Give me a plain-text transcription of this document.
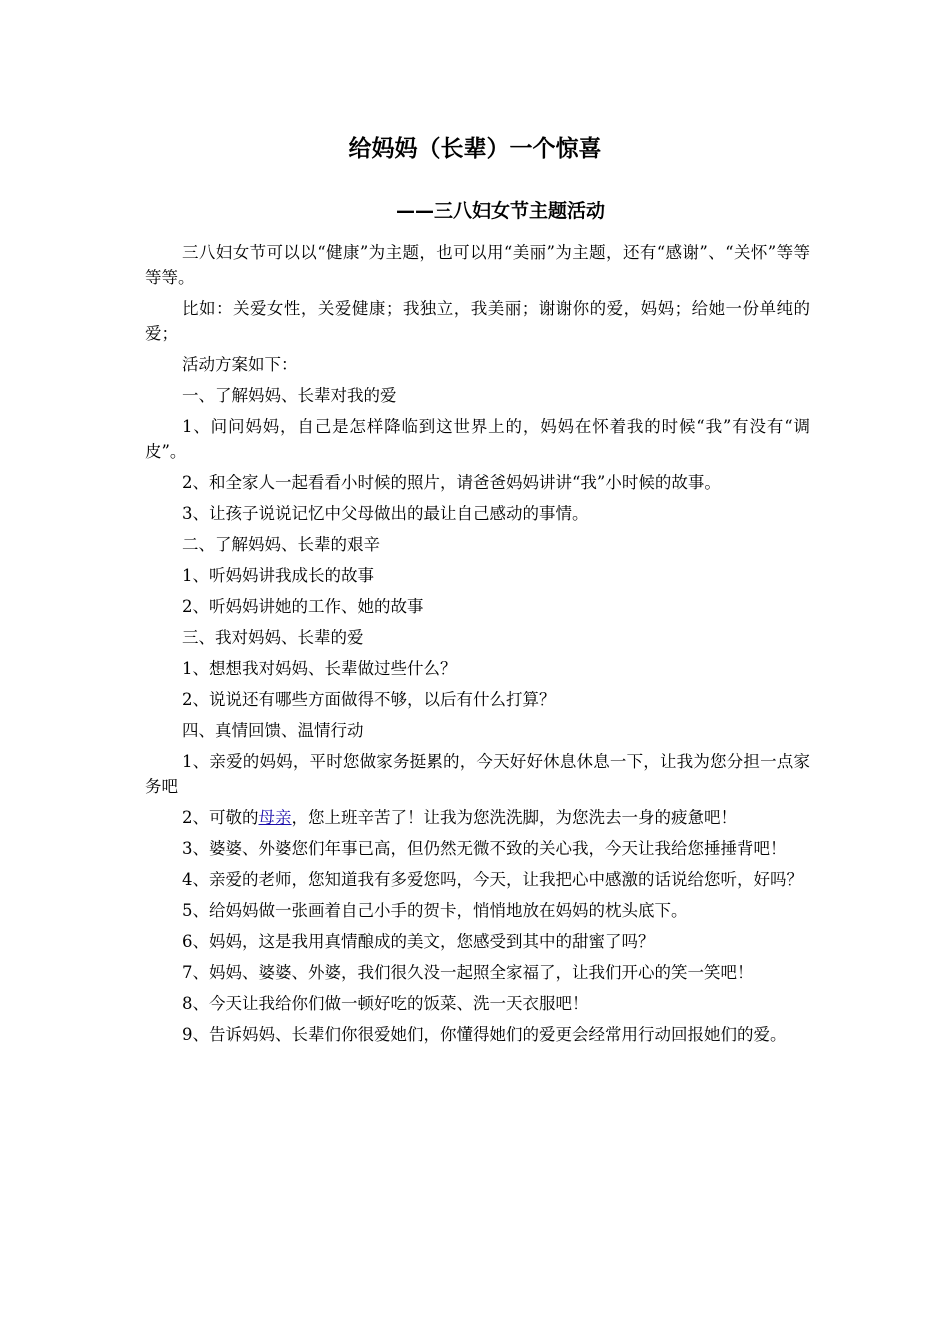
给妈妈（长辈）一个惊喜
——三八妇女节主题活动

三八妇女节可以以“健康”为主题，也可以用“美丽”为主题，还有“感谢”、“关怀”等等等等。

比如：关爱女性，关爱健康；我独立，我美丽；谢谢你的爱，妈妈；给她一份单纯的爱；

活动方案如下：

一、了解妈妈、长辈对我的爱

1、问问妈妈，自己是怎样降临到这世界上的，妈妈在怀着我的时候“我”有没有“调皮”。

2、和全家人一起看看小时候的照片，请爸爸妈妈讲讲“我”小时候的故事。

3、让孩子说说记忆中父母做出的最让自己感动的事情。

二、了解妈妈、长辈的艰辛

1、听妈妈讲我成长的故事

2、听妈妈讲她的工作、她的故事

三、我对妈妈、长辈的爱

1、想想我对妈妈、长辈做过些什么？

2、说说还有哪些方面做得不够，以后有什么打算？

四、真情回馈、温情行动

1、亲爱的妈妈，平时您做家务挺累的，今天好好休息休息一下，让我为您分担一点家务吧

2、可敬的母亲，您上班辛苦了！让我为您洗洗脚，为您洗去一身的疲惫吧！

3、婆婆、外婆您们年事已高，但仍然无微不致的关心我，今天让我给您捶捶背吧！

4、亲爱的老师，您知道我有多爱您吗，今天，让我把心中感激的话说给您听，好吗？

5、给妈妈做一张画着自己小手的贺卡，悄悄地放在妈妈的枕头底下。

6、妈妈，这是我用真情酿成的美文，您感受到其中的甜蜜了吗？

7、妈妈、婆婆、外婆，我们很久没一起照全家福了，让我们开心的笑一笑吧！

8、今天让我给你们做一顿好吃的饭菜、洗一天衣服吧！

9、告诉妈妈、长辈们你很爱她们，你懂得她们的爱更会经常用行动回报她们的爱。
